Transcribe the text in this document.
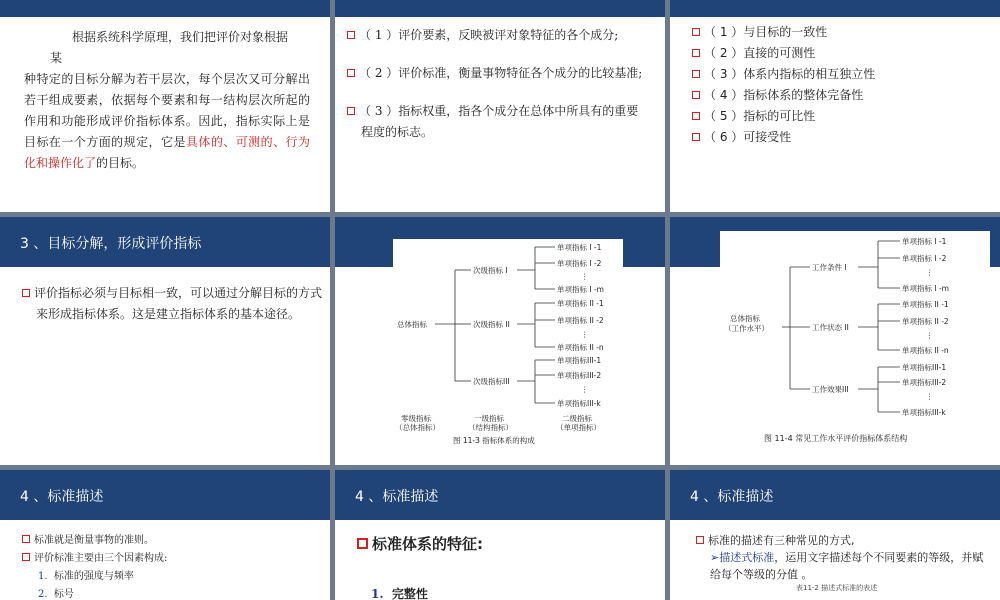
根据系统科学原理，我们把评价对象根据
某
种特定的目标分解为若干层次，每个层次又可分解出若干组成要素，依据每个要素和每一结构层次所起的作用和功能形成评价指标体系。因此，指标实际上是目标在一个方面的规定，它是具体的、可测的、行为化和操作化了的目标。
（ 1 ）评价要素，反映被评对象特征的各个成分;
（ 2 ）评价标准，衡量事物特征各个成分的比较基准;
（ 3 ）指标权重，指各个成分在总体中所具有的重要程度的标志。
（ 1 ）与目标的一致性
（ 2 ）直接的可测性
（ 3 ）体系内指标的相互独立性
（ 4 ）指标体系的整体完备性
（ 5 ）指标的可比性
（ 6 ）可接受性
3 、目标分解，形成评价指标
评价指标必须与目标相一致，可以通过分解目标的方式来形成指标体系。这是建立指标体系的基本途径。
总体指标
次级指标 I
次级指标 II
次级指标III
单项指标 I -1
单项指标 I -2
⋮
单项指标 I -m
单项指标 II -1
单项指标 II -2
⋮
单项指标 II -n
单项指标III-1
单项指标III-2
⋮
单项指标III-k
零级指标
（总体指标）
一级指标
（结构指标）
二级指标
（单项指标）
图 11-3 指标体系的构成
总体指标
（工作水平）
工作条件 I
工作状态 II
工作效果III
单项指标 I -1
单项指标 I -2
⋮
单项指标 I -m
单项指标 II -1
单项指标 II -2
⋮
单项指标 II -n
单项指标III-1
单项指标III-2
⋮
单项指标III-k
图 11-4 常见工作水平评价指标体系结构
4 、标准描述
标准就是衡量事物的准则。
评价标准主要由三个因素构成:
1. 标准的强度与频率
2. 标号
4 、标准描述
标准体系的特征:
1. 完整性
4 、标准描述
标准的描述有三种常见的方式,
➢描述式标准，运用文字描述每个不同要素的等级，并赋给每个等级的分值 。
表11-2 描述式标准的表述
